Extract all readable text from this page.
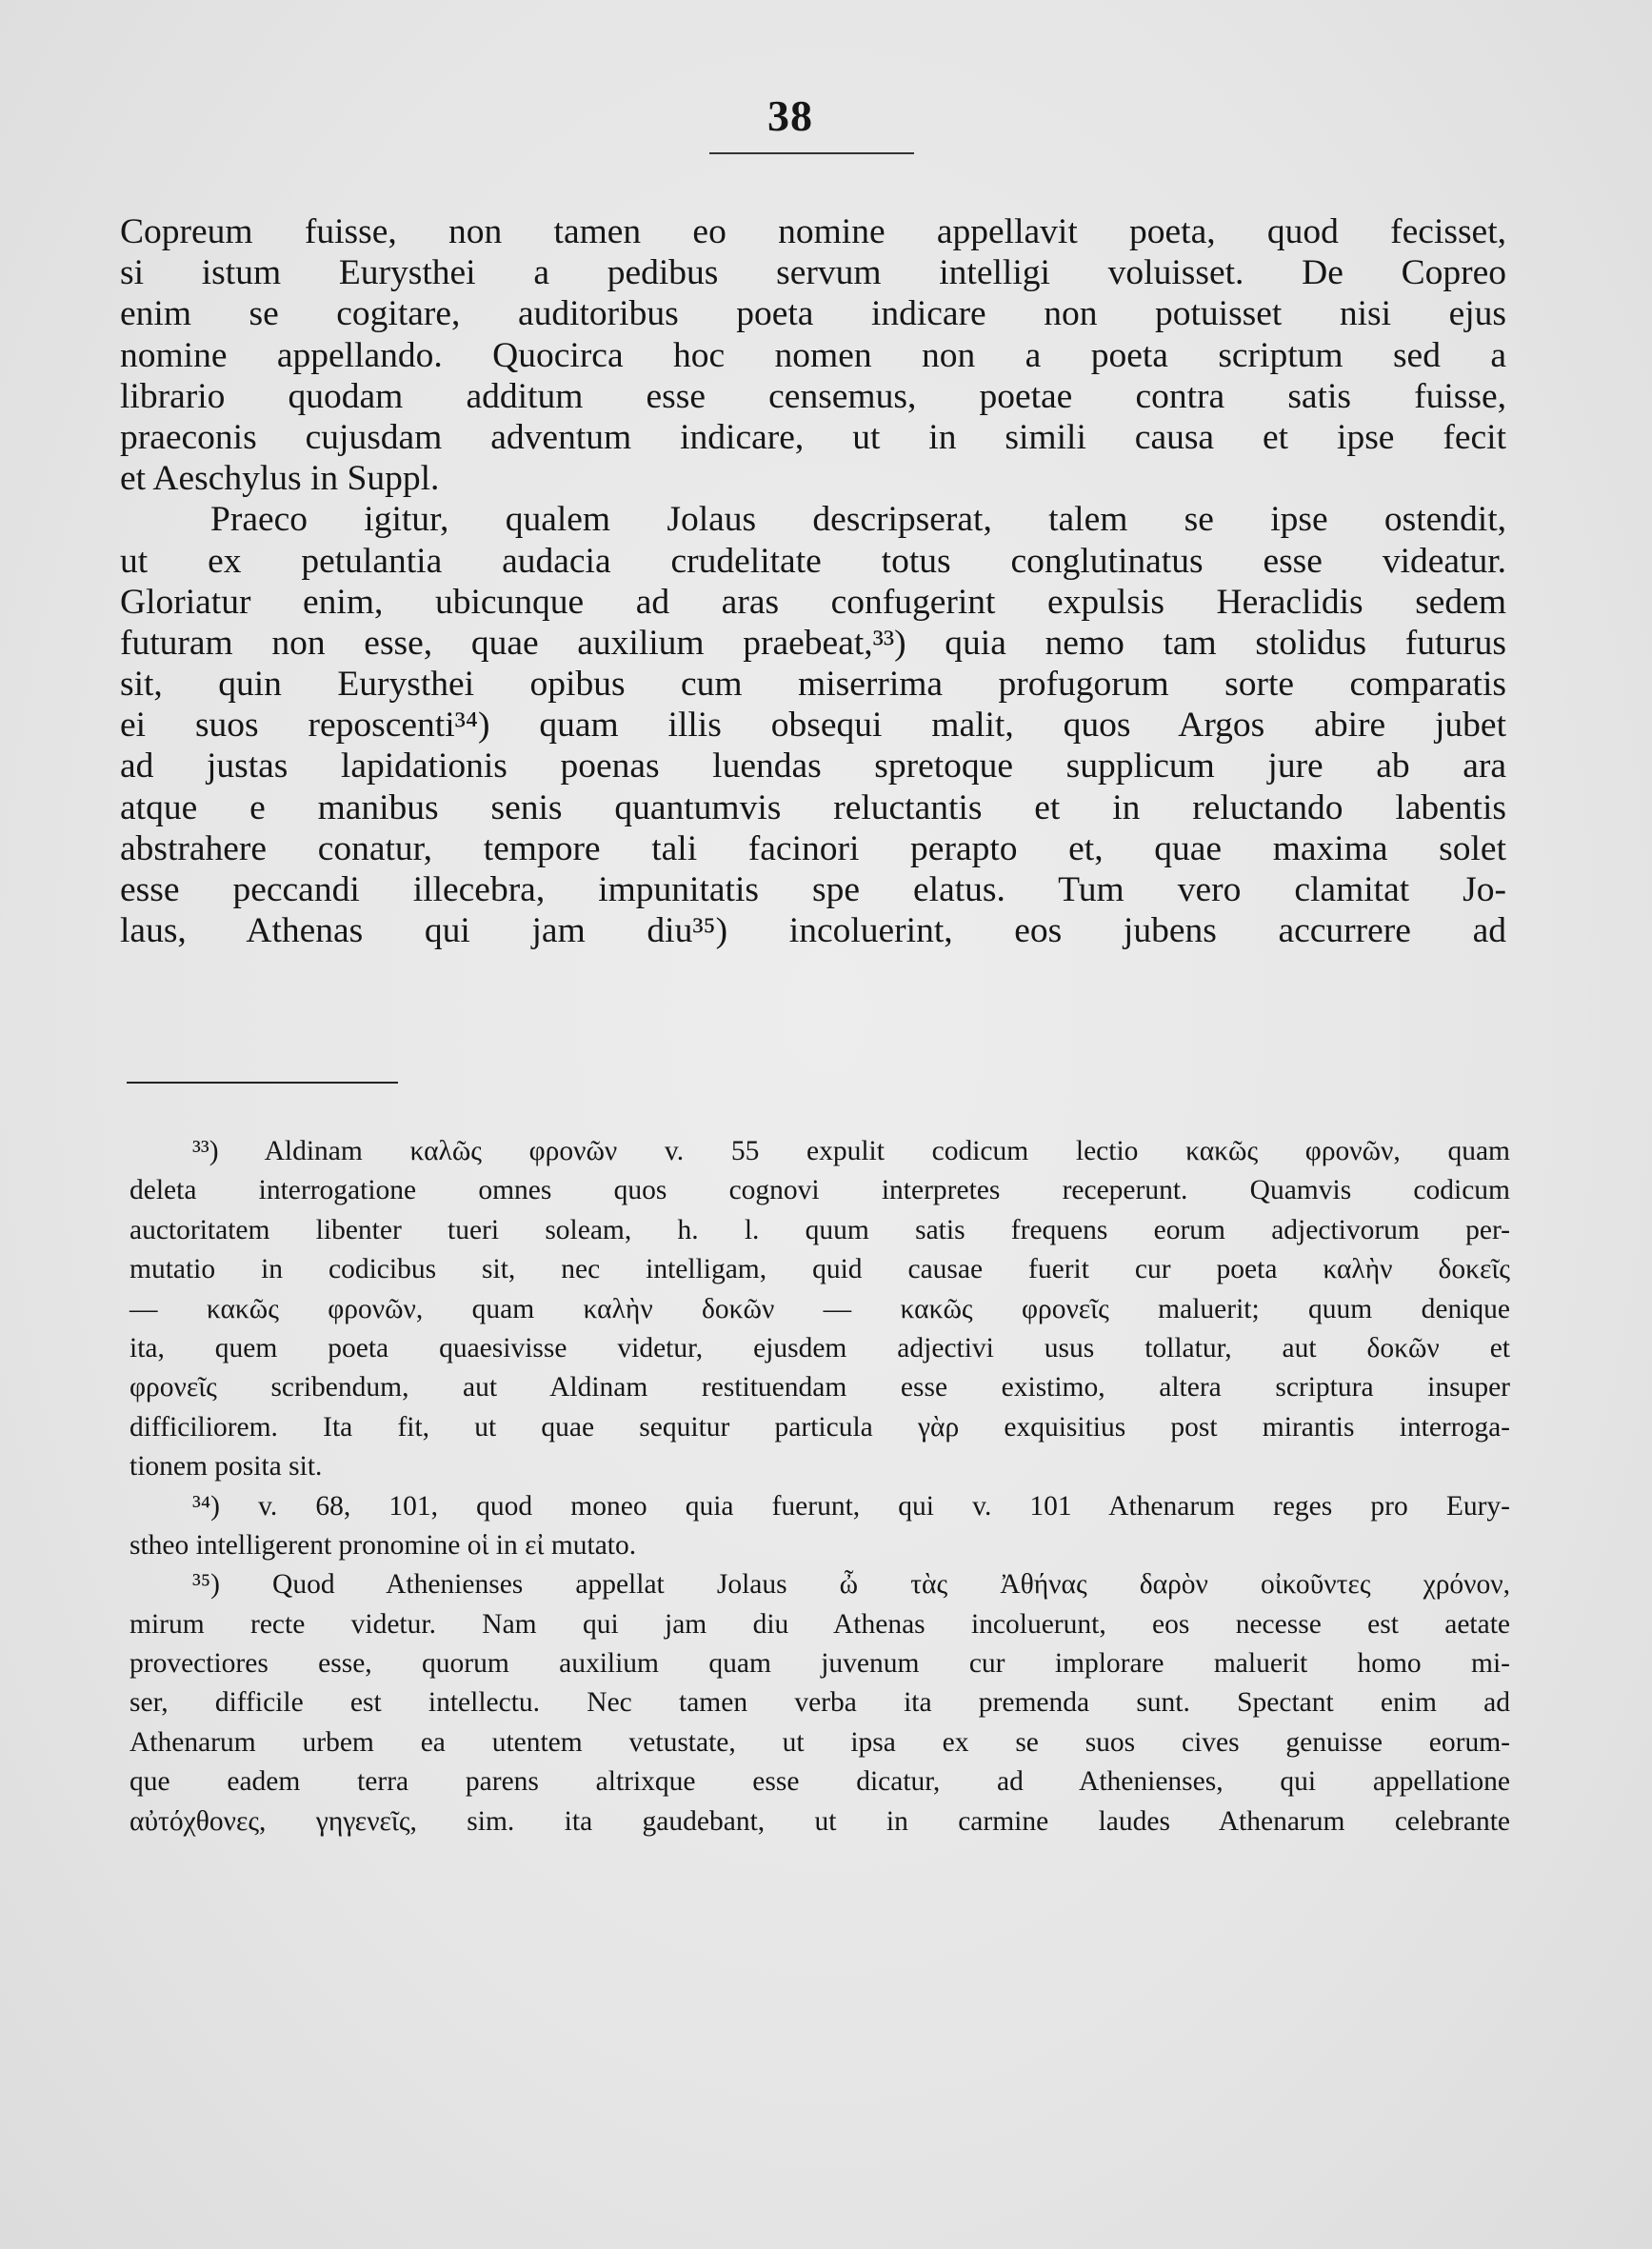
38
Copreum fuisse, non tamen eo nomine appellavit poeta, quod fecisset,
si istum Eurysthei a pedibus servum intelligi voluisset. De Copreo
enim se cogitare, auditoribus poeta indicare non potuisset nisi ejus
nomine appellando. Quocirca hoc nomen non a poeta scriptum sed a
librario quodam additum esse censemus, poetae contra satis fuisse,
praeconis cujusdam adventum indicare, ut in simili causa et ipse fecit
et Aeschylus in Suppl.
Praeco igitur, qualem Jolaus descripserat, talem se ipse ostendit,
ut ex petulantia audacia crudelitate totus conglutinatus esse videatur.
Gloriatur enim, ubicunque ad aras confugerint expulsis Heraclidis sedem
futuram non esse, quae auxilium praebeat,³³) quia nemo tam stolidus futurus
sit, quin Eurysthei opibus cum miserrima profugorum sorte comparatis
ei suos reposcenti³⁴) quam illis obsequi malit, quos Argos abire jubet
ad justas lapidationis poenas luendas spretoque supplicum jure ab ara
atque e manibus senis quantumvis reluctantis et in reluctando labentis
abstrahere conatur, tempore tali facinori perapto et, quae maxima solet
esse peccandi illecebra, impunitatis spe elatus. Tum vero clamitat Jo-
laus, Athenas qui jam diu³⁵) incoluerint, eos jubens accurrere ad
³³) Aldinam καλῶς φρονῶν v. 55 expulit codicum lectio κακῶς φρονῶν, quam
deleta interrogatione omnes quos cognovi interpretes receperunt. Quamvis codicum
auctoritatem libenter tueri soleam, h. l. quum satis frequens eorum adjectivorum per-
mutatio in codicibus sit, nec intelligam, quid causae fuerit cur poeta καλὴν δοκεῖς
— κακῶς φρονῶν, quam καλὴν δοκῶν — κακῶς φρονεῖς maluerit; quum denique
ita, quem poeta quaesivisse videtur, ejusdem adjectivi usus tollatur, aut δοκῶν et
φρονεῖς scribendum, aut Aldinam restituendam esse existimo, altera scriptura insuper
difficiliorem. Ita fit, ut quae sequitur particula γὰρ exquisitius post mirantis interroga-
tionem posita sit.
³⁴) v. 68, 101, quod moneo quia fuerunt, qui v. 101 Athenarum reges pro Eury-
stheo intelligerent pronomine οἱ in εἰ mutato.
³⁵) Quod Athenienses appellat Jolaus ὦ τὰς Ἀθήνας δαρὸν οἰκοῦντες χρόνον,
mirum recte videtur. Nam qui jam diu Athenas incoluerunt, eos necesse est aetate
provectiores esse, quorum auxilium quam juvenum cur implorare maluerit homo mi-
ser, difficile est intellectu. Nec tamen verba ita premenda sunt. Spectant enim ad
Athenarum urbem ea utentem vetustate, ut ipsa ex se suos cives genuisse eorum-
que eadem terra parens altrixque esse dicatur, ad Athenienses, qui appellatione
αὐτόχθονες, γηγενεῖς, sim. ita gaudebant, ut in carmine laudes Athenarum celebrante
